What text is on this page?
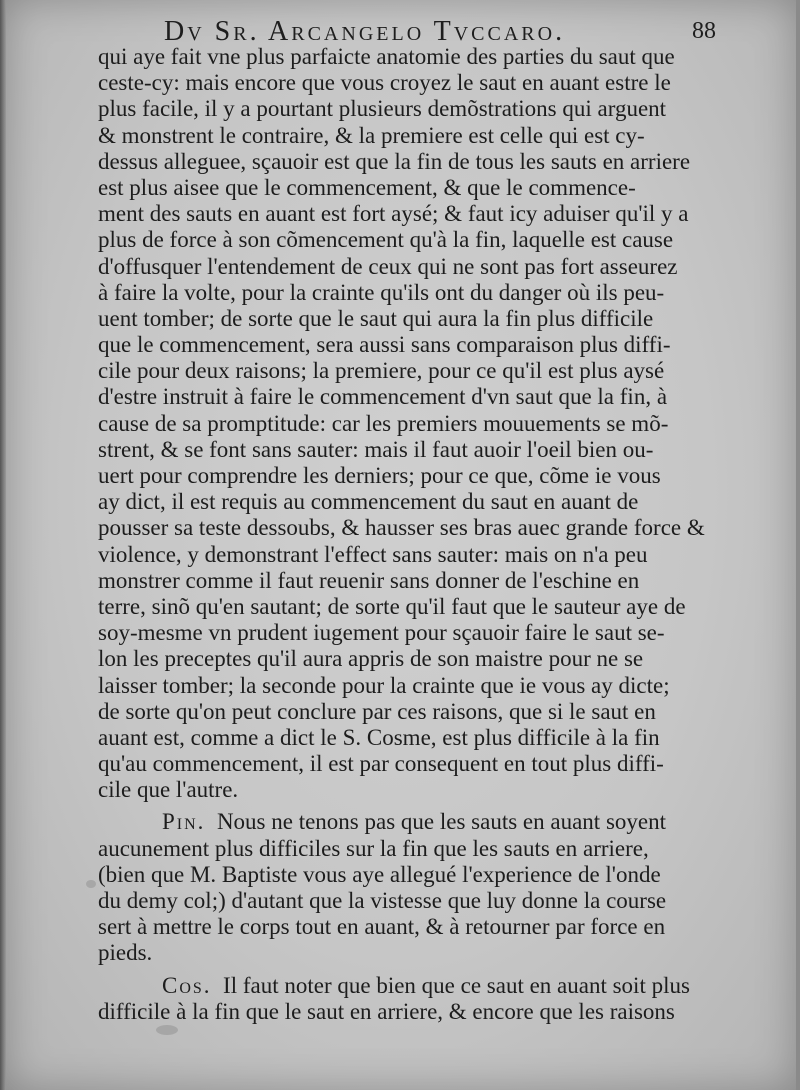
Dv Sr. Arcangelo Tvccaro.	88
qui aye fait vne plus parfaicte anatomie des parties du saut que
ceste-cy: mais encore que vous croyez le saut en auant estre le
plus facile, il y a pourtant plusieurs demõstrations qui arguent
& monstrent le contraire, & la premiere est celle qui est cy-
dessus alleguee, sçauoir est que la fin de tous les sauts en arriere
est plus aisee que le commencement, & que le commence-
ment des sauts en auant est fort aysé; & faut icy aduiser qu'il y a
plus de force à son cõmencement qu'à la fin, laquelle est cause
d'offusquer l'entendement de ceux qui ne sont pas fort asseurez
à faire la volte, pour la crainte qu'ils ont du danger où ils peu-
uent tomber; de sorte que le saut qui aura la fin plus difficile
que le commencement, sera aussi sans comparaison plus diffi-
cile pour deux raisons; la premiere, pour ce qu'il est plus aysé
d'estre instruit à faire le commencement d'vn saut que la fin, à
cause de sa promptitude: car les premiers mouuements se mõ-
strent, & se font sans sauter: mais il faut auoir l'oeil bien ou-
uert pour comprendre les derniers; pour ce que, cõme ie vous
ay dict, il est requis au commencement du saut en auant de
pousser sa teste dessoubs, & hausser ses bras auec grande force &
violence, y demonstrant l'effect sans sauter: mais on n'a peu
monstrer comme il faut reuenir sans donner de l'eschine en
terre, sinõ qu'en sautant; de sorte qu'il faut que le sauteur aye de
soy-mesme vn prudent iugement pour sçauoir faire le saut se-
lon les preceptes qu'il aura appris de son maistre pour ne se
laisser tomber; la seconde pour la crainte que ie vous ay dicte;
de sorte qu'on peut conclure par ces raisons, que si le saut en
auant est, comme a dict le S. Cosme, est plus difficile à la fin
qu'au commencement, il est par consequent en tout plus diffi-
cile que l'autre.
Pin. Nous ne tenons pas que les sauts en auant soyent
aucunement plus difficiles sur la fin que les sauts en arriere,
(bien que M. Baptiste vous aye allegué l'experience de l'onde
du demy col;) d'autant que la vistesse que luy donne la course
sert à mettre le corps tout en auant, & à retourner par force en
pieds.
Cos. Il faut noter que bien que ce saut en auant soit plus
difficile à la fin que le saut en arriere, & encore que les raisons
